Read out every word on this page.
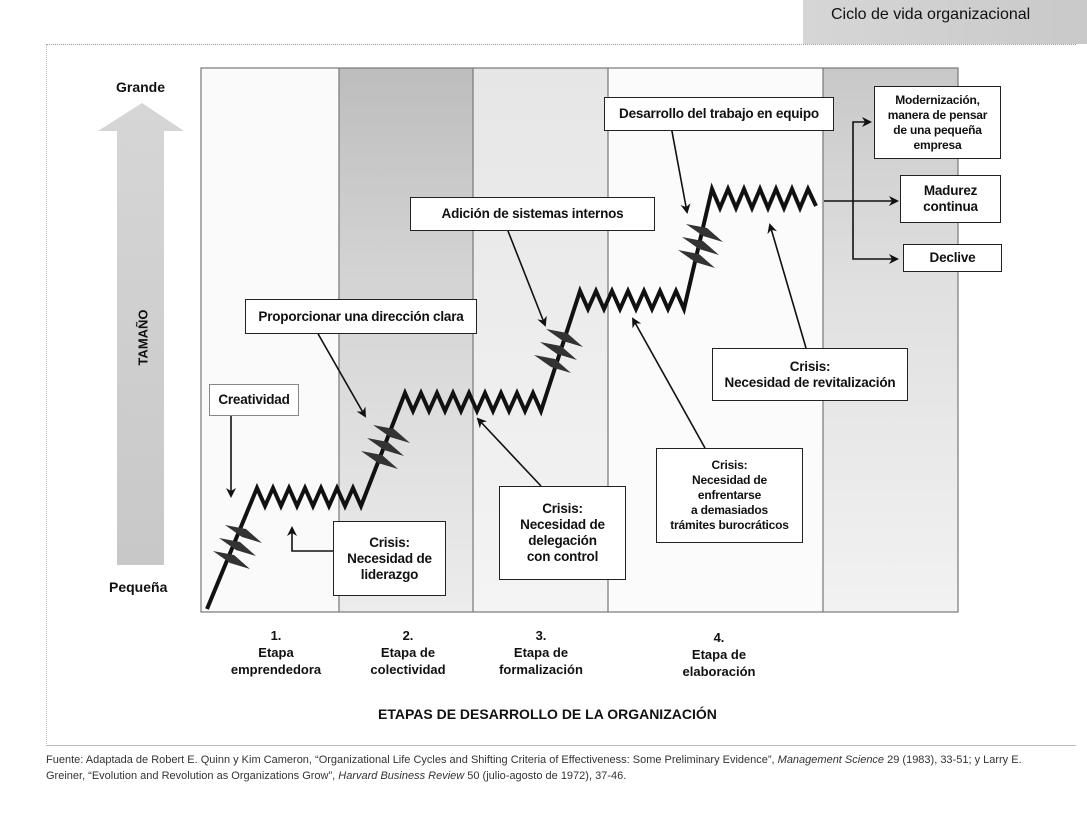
Ciclo de vida organizacional
Grande
Pequeña
TAMAÑO
Creatividad
Proporcionar una dirección clara
Adición de sistemas internos
Desarrollo del trabajo en equipo
Crisis:
Necesidad de
liderazgo
Crisis:
Necesidad de
delegación
con control
Crisis:
Necesidad de
enfrentarse
a demasiados
trámites burocráticos
Crisis:
Necesidad de revitalización
Modernización,
manera de pensar
de una pequeña
empresa
Madurez
continua
Declive
1.
Etapa
emprendedora
2.
Etapa de
colectividad
3.
Etapa de
formalización
4.
Etapa de
elaboración
ETAPAS DE DESARROLLO DE LA ORGANIZACIÓN
Fuente: Adaptada de Robert E. Quinn y Kim Cameron, “Organizational Life Cycles and Shifting Criteria of Effectiveness: Some Preliminary Evidence”, Management Science 29 (1983), 33-51; y Larry E. Greiner, “Evolution and Revolution as Organizations Grow”, Harvard Business Review 50 (julio-agosto de 1972), 37-46.
